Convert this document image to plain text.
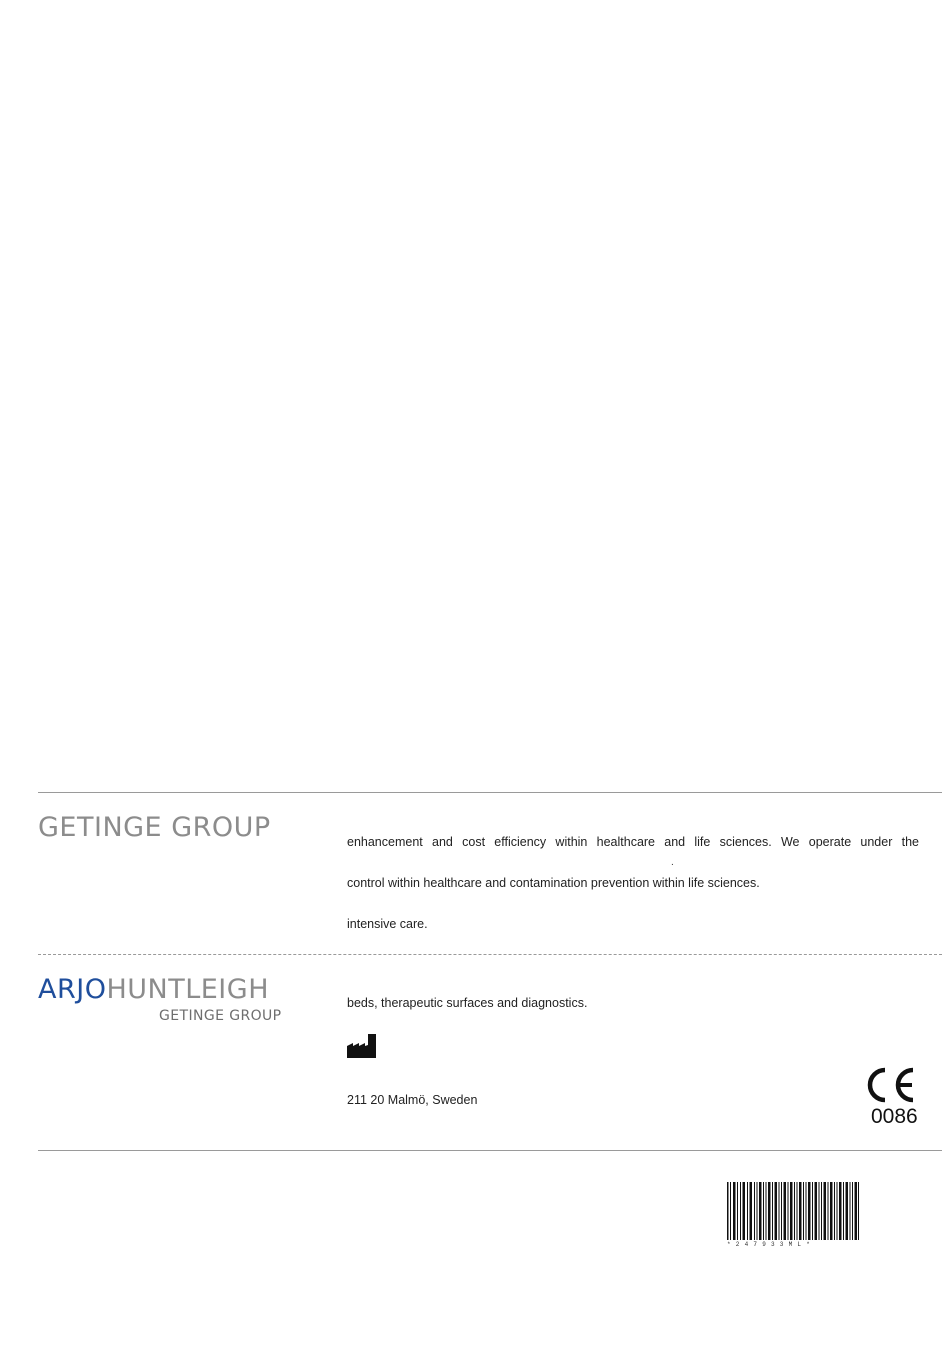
GETINGE GROUP	enhancement and cost efficiency within healthcare and life sciences. We operate under the
.
control within healthcare and contamination prevention within life sciences.
intensive care.
ARJOHUNTLEIGH
GETINGE GROUP
beds, therapeutic surfaces and diagnostics.
211 20 Malmö, Sweden
0086
*247933ML*
